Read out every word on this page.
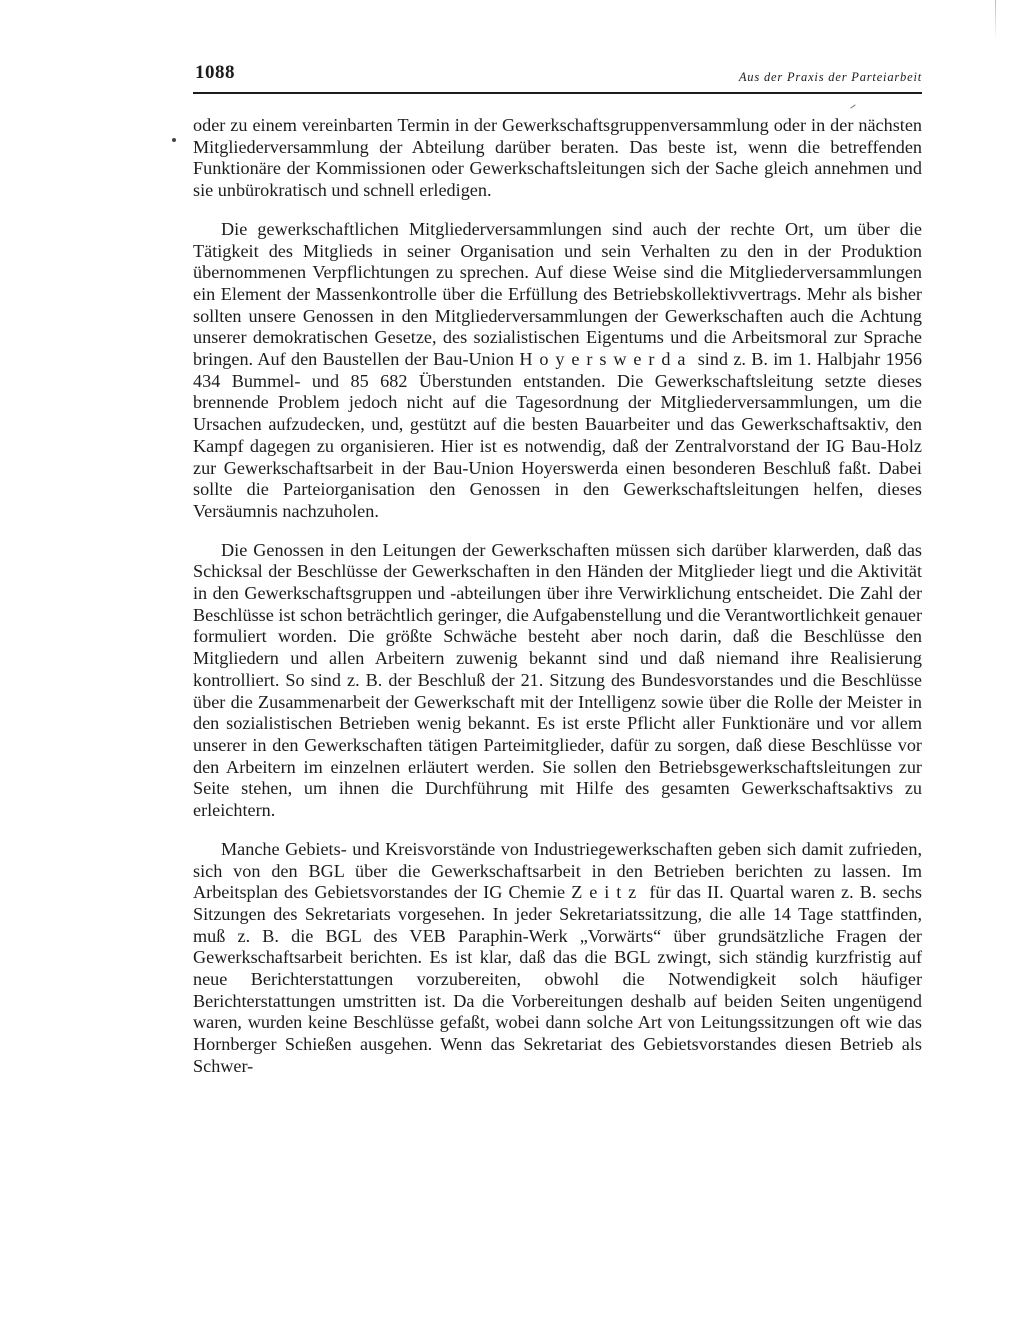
1088	Aus der Praxis der Parteiarbeit

oder zu einem vereinbarten Termin in der Gewerkschaftsgruppenversammlung oder in der nächsten Mitgliederversammlung der Abteilung darüber beraten. Das beste ist, wenn die betreffenden Funktionäre der Kommissionen oder Gewerkschaftsleitungen sich der Sache gleich annehmen und sie unbürokratisch und schnell erledigen.

Die gewerkschaftlichen Mitgliederversammlungen sind auch der rechte Ort, um über die Tätigkeit des Mitglieds in seiner Organisation und sein Verhalten zu den in der Produktion übernommenen Verpflichtungen zu sprechen. Auf diese Weise sind die Mitgliederversammlungen ein Element der Massenkontrolle über die Erfüllung des Betriebskollektivvertrags. Mehr als bisher sollten unsere Genossen in den Mitgliederversammlungen der Gewerkschaften auch die Achtung unserer demokratischen Gesetze, des sozialistischen Eigentums und die Arbeitsmoral zur Sprache bringen. Auf den Baustellen der Bau-Union Hoyerswerda sind z. B. im 1. Halbjahr 1956 434 Bummel- und 85 682 Überstunden entstanden. Die Gewerkschaftsleitung setzte dieses brennende Problem jedoch nicht auf die Tagesordnung der Mitgliederversammlungen, um die Ursachen aufzudecken, und, gestützt auf die besten Bauarbeiter und das Gewerkschaftsaktiv, den Kampf dagegen zu organisieren. Hier ist es notwendig, daß der Zentralvorstand der IG Bau-Holz zur Gewerkschaftsarbeit in der Bau-Union Hoyerswerda einen besonderen Beschluß faßt. Dabei sollte die Parteiorganisation den Genossen in den Gewerkschaftsleitungen helfen, dieses Versäumnis nachzuholen.

Die Genossen in den Leitungen der Gewerkschaften müssen sich darüber klarwerden, daß das Schicksal der Beschlüsse der Gewerkschaften in den Händen der Mitglieder liegt und die Aktivität in den Gewerkschaftsgruppen und -abteilungen über ihre Verwirklichung entscheidet. Die Zahl der Beschlüsse ist schon beträchtlich geringer, die Aufgabenstellung und die Verantwortlichkeit genauer formuliert worden. Die größte Schwäche besteht aber noch darin, daß die Beschlüsse den Mitgliedern und allen Arbeitern zuwenig bekannt sind und daß niemand ihre Realisierung kontrolliert. So sind z. B. der Beschluß der 21. Sitzung des Bundesvorstandes und die Beschlüsse über die Zusammenarbeit der Gewerkschaft mit der Intelligenz sowie über die Rolle der Meister in den sozialistischen Betrieben wenig bekannt. Es ist erste Pflicht aller Funktionäre und vor allem unserer in den Gewerkschaften tätigen Parteimitglieder, dafür zu sorgen, daß diese Beschlüsse vor den Arbeitern im einzelnen erläutert werden. Sie sollen den Betriebsgewerkschaftsleitungen zur Seite stehen, um ihnen die Durchführung mit Hilfe des gesamten Gewerkschaftsaktivs zu erleichtern.

Manche Gebiets- und Kreisvorstände von Industriegewerkschaften geben sich damit zufrieden, sich von den BGL über die Gewerkschaftsarbeit in den Betrieben berichten zu lassen. Im Arbeitsplan des Gebietsvorstandes der IG Chemie Zeitz für das II. Quartal waren z. B. sechs Sitzungen des Sekretariats vorgesehen. In jeder Sekretariatssitzung, die alle 14 Tage stattfinden, muß z. B. die BGL des VEB Paraphin-Werk „Vorwärts“ über grundsätzliche Fragen der Gewerkschaftsarbeit berichten. Es ist klar, daß das die BGL zwingt, sich ständig kurzfristig auf neue Berichterstattungen vorzubereiten, obwohl die Notwendigkeit solch häufiger Berichterstattungen umstritten ist. Da die Vorbereitungen deshalb auf beiden Seiten ungenügend waren, wurden keine Beschlüsse gefaßt, wobei dann solche Art von Leitungssitzungen oft wie das Hornberger Schießen ausgehen. Wenn das Sekretariat des Gebietsvorstandes diesen Betrieb als Schwer-
